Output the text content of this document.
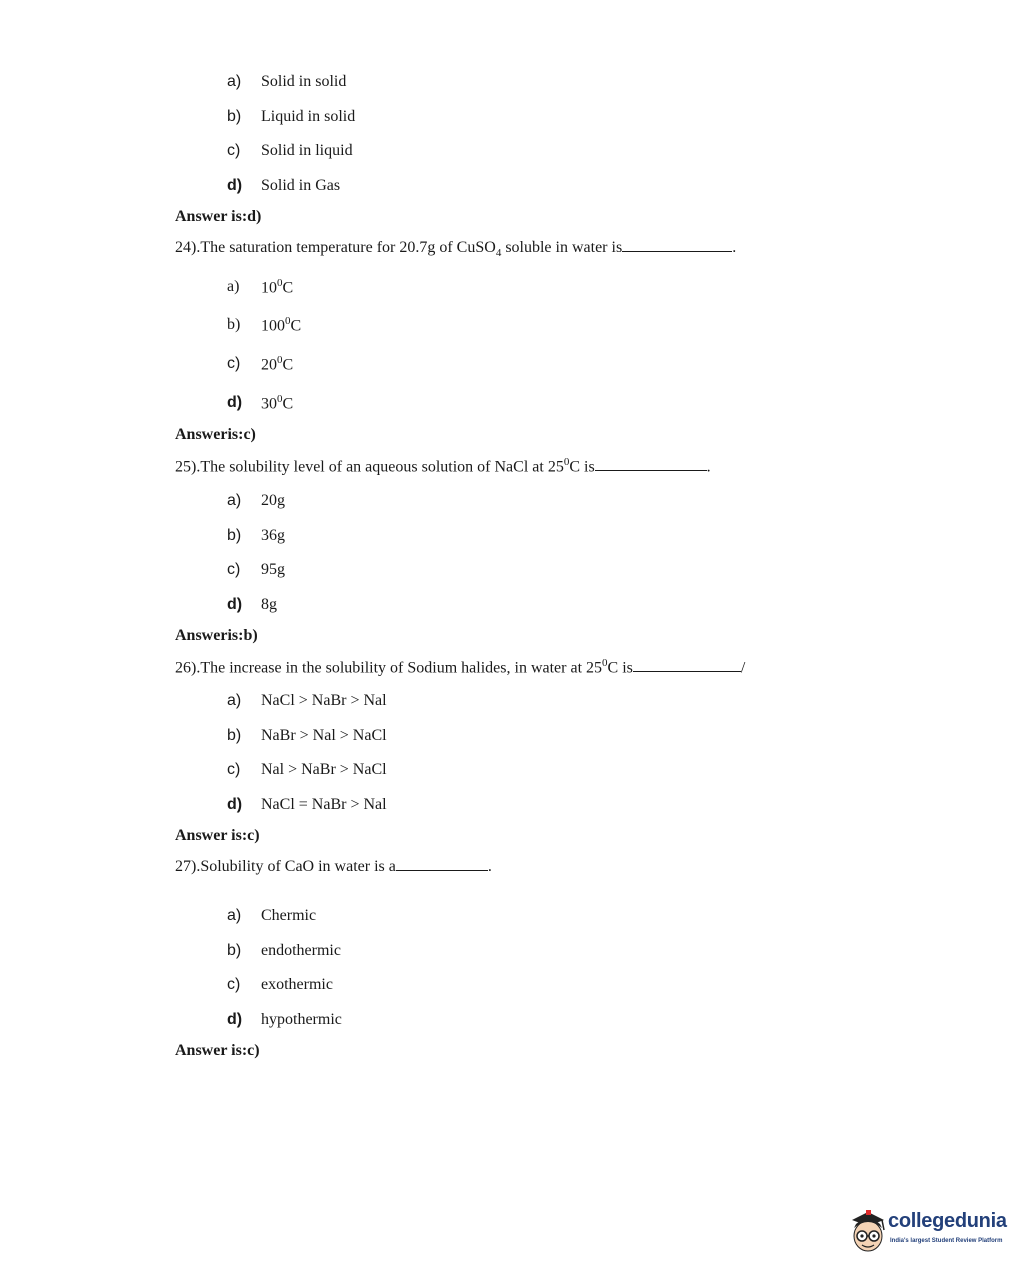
a)	Solid in solid
b)	Liquid in solid
c)	Solid in liquid
d)	Solid in Gas
Answer is:d)
24).The saturation temperature for 20.7g of CuSO$_4$ soluble in water is	.
a)	$10^0C$
b)	$100^0C$
c)	$20^0C$
d)	$30^0C$
Answeris:c)
25).The solubility level of an aqueous solution of NaCl at $25^0C$ is	.
a)	20g
b)	36g
c)	95g
d)	8g
Answeris:b)
26).The increase in the solubility of Sodium halides, in water at $25^0C$ is	/
a)	NaCl > NaBr > Nal
b)	NaBr > Nal > NaCl
c)	Nal > NaBr > NaCl
d)	NaCl = NaBr > Nal
Answer is:c)
27).Solubility of CaO in water is a	.
a)	Chermic
b)	endothermic
c)	exothermic
d)	hypothermic
Answer is:c)
collegedunia
India's largest Student Review Platform
